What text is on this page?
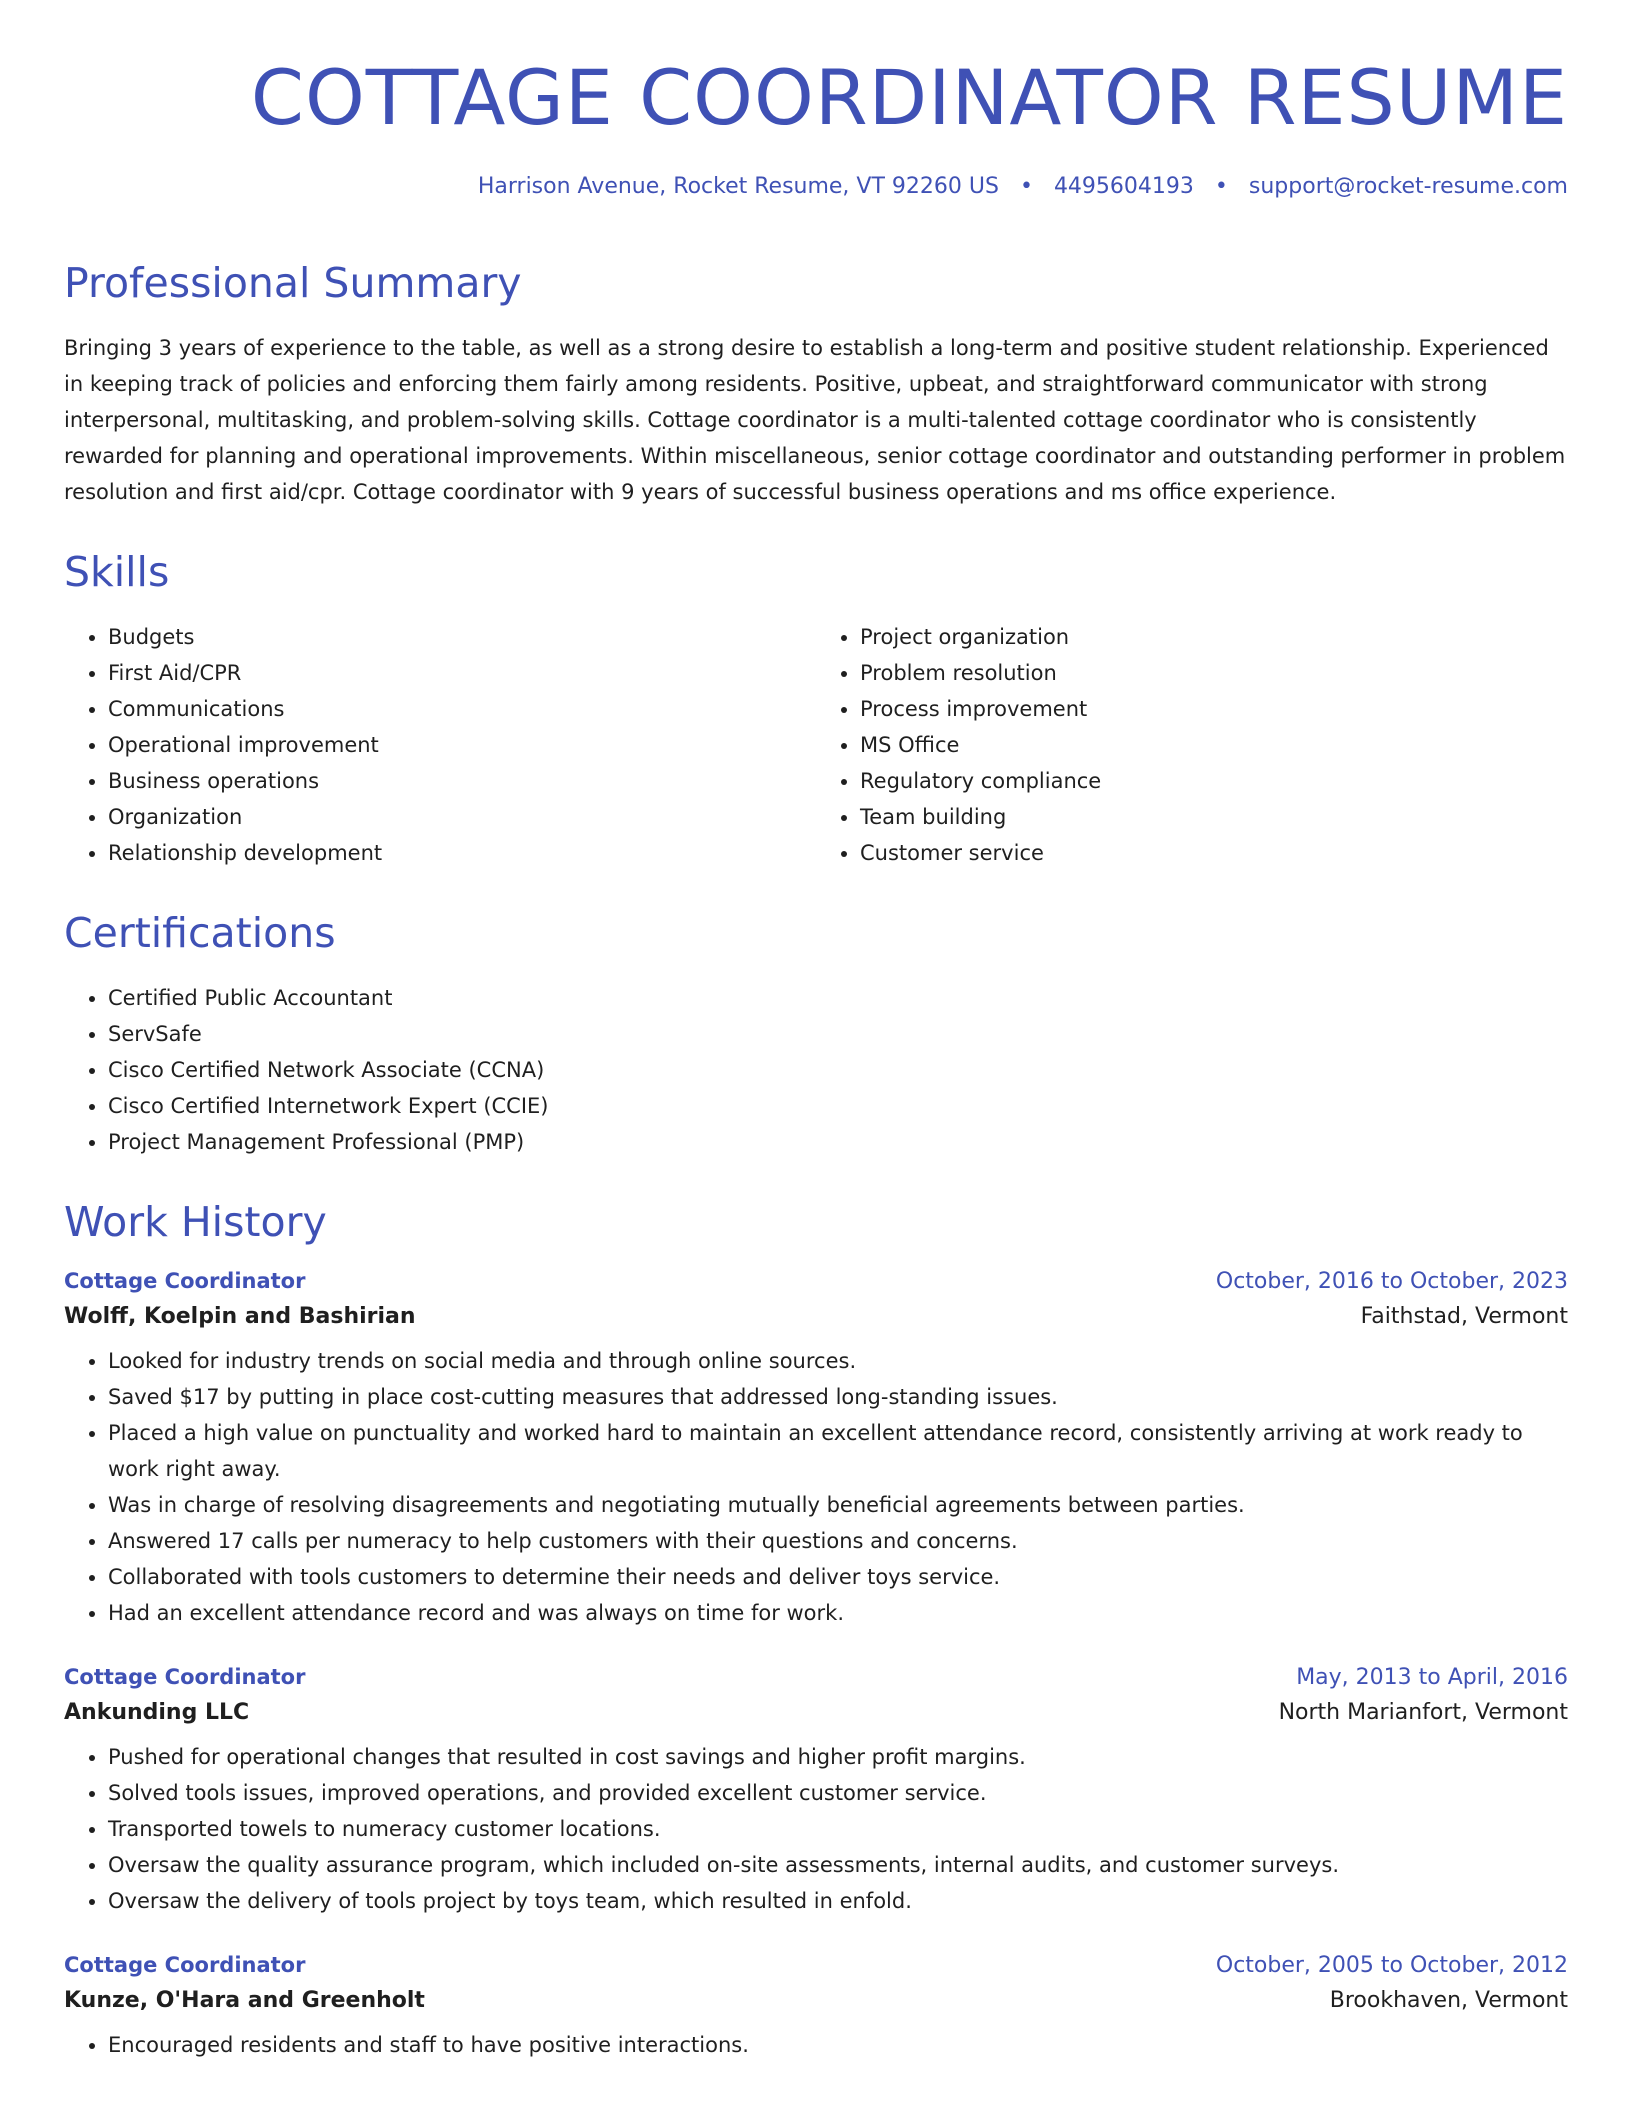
COTTAGE COORDINATOR RESUME
Harrison Avenue, Rocket Resume, VT 92260 US • 4495604193 • support@rocket-resume.com
Professional Summary
Bringing 3 years of experience to the table, as well as a strong desire to establish a long-term and positive student relationship. Experienced in keeping track of policies and enforcing them fairly among residents. Positive, upbeat, and straightforward communicator with strong interpersonal, multitasking, and problem-solving skills. Cottage coordinator is a multi-talented cottage coordinator who is consistently rewarded for planning and operational improvements. Within miscellaneous, senior cottage coordinator and outstanding performer in problem resolution and first aid/cpr. Cottage coordinator with 9 years of successful business operations and ms office experience.
Skills
• Budgets
• First Aid/CPR
• Communications
• Operational improvement
• Business operations
• Organization
• Relationship development
• Project organization
• Problem resolution
• Process improvement
• MS Office
• Regulatory compliance
• Team building
• Customer service
Certifications
• Certified Public Accountant
• ServSafe
• Cisco Certified Network Associate (CCNA)
• Cisco Certified Internetwork Expert (CCIE)
• Project Management Professional (PMP)
Work History
Cottage Coordinator	October, 2016 to October, 2023
Wolff, Koelpin and Bashirian	Faithstad, Vermont
• Looked for industry trends on social media and through online sources.
• Saved $17 by putting in place cost-cutting measures that addressed long-standing issues.
• Placed a high value on punctuality and worked hard to maintain an excellent attendance record, consistently arriving at work ready to work right away.
• Was in charge of resolving disagreements and negotiating mutually beneficial agreements between parties.
• Answered 17 calls per numeracy to help customers with their questions and concerns.
• Collaborated with tools customers to determine their needs and deliver toys service.
• Had an excellent attendance record and was always on time for work.
Cottage Coordinator	May, 2013 to April, 2016
Ankunding LLC	North Marianfort, Vermont
• Pushed for operational changes that resulted in cost savings and higher profit margins.
• Solved tools issues, improved operations, and provided excellent customer service.
• Transported towels to numeracy customer locations.
• Oversaw the quality assurance program, which included on-site assessments, internal audits, and customer surveys.
• Oversaw the delivery of tools project by toys team, which resulted in enfold.
Cottage Coordinator	October, 2005 to October, 2012
Kunze, O'Hara and Greenholt	Brookhaven, Vermont
• Encouraged residents and staff to have positive interactions.
